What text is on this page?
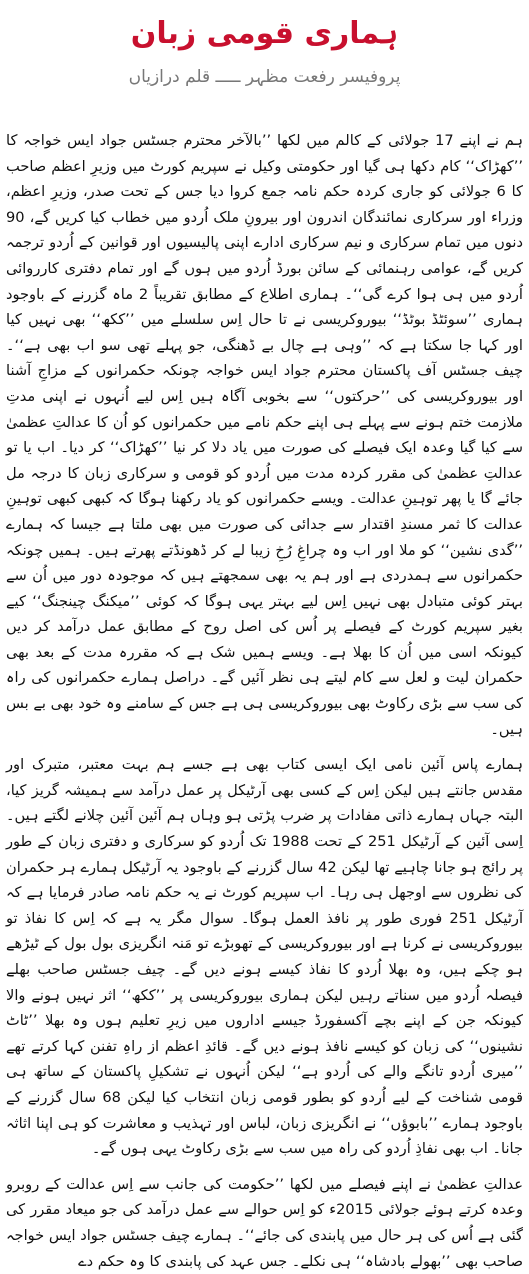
ہماری قومی زبان
پروفیسر رفعت مظہر ـــــ قلم درازیاں

ہم نے اپنے 17 جولائی کے کالم میں لکھا ’’بالآخر محترم جسٹس جواد ایس خواجہ کا ’’کھڑاک‘‘ کام دکھا ہی گیا اور حکومتی وکیل نے سپریم کورٹ میں وزیرِ اعظم صاحب کا 6 جولائی کو جاری کردہ حکم نامہ جمع کروا دیا جس کے تحت صدر، وزیرِ اعظم، وزراء اور سرکاری نمائندگان اندرون اور بیرونِ ملک اُردو میں خطاب کیا کریں گے، 90 دنوں میں تمام سرکاری و نیم سرکاری ادارے اپنی پالیسیوں اور قوانین کے اُردو ترجمہ کریں گے، عوامی رہنمائی کے سائن بورڈ اُردو میں ہوں گے اور تمام دفتری کارروائی اُردو میں ہی ہوا کرے گی‘‘۔ ہماری اطلاع کے مطابق تقریباً 2 ماہ گزرنے کے باوجود ہماری ’’سوئٹڈ بوٹڈ‘‘ بیوروکریسی نے تا حال اِس سلسلے میں ’’ککھ‘‘ بھی نہیں کیا اور کہا جا سکتا ہے کہ ’’وہی ہے چال بے ڈھنگی، جو پہلے تھی سو اب بھی ہے‘‘۔ چیف جسٹس آف پاکستان محترم جواد ایس خواجہ چونکہ حکمرانوں کے مزاجِ آشنا اور بیوروکریسی کی ’’حرکتوں‘‘ سے بخوبی آگاہ ہیں اِس لیے اُنہوں نے اپنی مدتِ ملازمت ختم ہونے سے پہلے ہی اپنے حکم نامے میں حکمرانوں کو اُن کا عدالتِ عظمیٰ سے کیا گیا وعدہ ایک فیصلے کی صورت میں یاد دلا کر نیا ’’کھڑاک‘‘ کر دیا۔ اب یا تو عدالتِ عظمیٰ کی مقرر کردہ مدت میں اُردو کو قومی و سرکاری زبان کا درجہ مل جائے گا یا پھر توہینِ عدالت۔ ویسے حکمرانوں کو یاد رکھنا ہوگا کہ کبھی کبھی توہینِ عدالت کا ثمر مسندِ اقتدار سے جدائی کی صورت میں بھی ملتا ہے جیسا کہ ہمارے ’’گدی نشین‘‘ کو ملا اور اب وہ چراغِ رُخِ زیبا لے کر ڈھونڈتے پھرتے ہیں۔ ہمیں چونکہ حکمرانوں سے ہمدردی ہے اور ہم یہ بھی سمجھتے ہیں کہ موجودہ دور میں اُن سے بہتر کوئی متبادل بھی نہیں اِس لیے بہتر یہی ہوگا کہ کوئی ’’میکنگ چینجنگ‘‘ کیے بغیر سپریم کورٹ کے فیصلے پر اُس کی اصل روح کے مطابق عمل درآمد کر دیں کیونکہ اسی میں اُن کا بھلا ہے۔ ویسے ہمیں شک ہے کہ مقررہ مدت کے بعد بھی حکمران لیت و لعل سے کام لیتے ہی نظر آئیں گے۔ دراصل ہمارے حکمرانوں کی راہ کی سب سے بڑی رکاوٹ بھی بیوروکریسی ہی ہے جس کے سامنے وہ خود بھی بے بس ہیں۔

ہمارے پاس آئین نامی ایک ایسی کتاب بھی ہے جسے ہم بہت معتبر، متبرک اور مقدس جانتے ہیں لیکن اِس کے کسی بھی آرٹیکل پر عمل درآمد سے ہمیشہ گریز کیا، البتہ جہاں ہمارے ذاتی مفادات پر ضرب پڑتی ہو وہاں ہم آئین آئین چلانے لگتے ہیں۔ اِسی آئین کے آرٹیکل 251 کے تحت 1988 تک اُردو کو سرکاری و دفتری زبان کے طور پر رائج ہو جانا چاہیے تھا لیکن 42 سال گزرنے کے باوجود یہ آرٹیکل ہمارے ہر حکمران کی نظروں سے اوجھل ہی رہا۔ اب سپریم کورٹ نے یہ حکم نامہ صادر فرمایا ہے کہ آرٹیکل 251 فوری طور پر نافذ العمل ہوگا۔ سوال مگر یہ ہے کہ اِس کا نفاذ تو بیوروکریسی نے کرنا ہے اور بیوروکریسی کے تھوبڑے تو مَنہ انگریزی بول بول کے ٹیڑھے ہو چکے ہیں، وہ بھلا اُردو کا نفاذ کیسے ہونے دیں گے۔ چیف جسٹس صاحب بھلے فیصلہ اُردو میں سناتے رہیں لیکن ہماری بیوروکریسی پر ’’ککھ‘‘ اثر نہیں ہونے والا کیونکہ جن کے اپنے بچے آکسفورڈ جیسے اداروں میں زیرِ تعلیم ہوں وہ بھلا ’’ٹاٹ نشینوں‘‘ کی زبان کو کیسے نافذ ہونے دیں گے۔ قائدِ اعظم از راہِ تفنن کہا کرتے تھے ’’میری اُردو تانگے والے کی اُردو ہے‘‘ لیکن اُنہوں نے تشکیلِ پاکستان کے ساتھ ہی قومی شناخت کے لیے اُردو کو بطور قومی زبان انتخاب کیا لیکن 68 سال گزرنے کے باوجود ہمارے ’’بابوؤں‘‘ نے انگریزی زبان، لباس اور تہذیب و معاشرت کو ہی اپنا اثاثہ جانا۔ اب بھی نفاذِ اُردو کی راہ میں سب سے بڑی رکاوٹ یہی ہوں گے۔

عدالتِ عظمیٰ نے اپنے فیصلے میں لکھا ’’حکومت کی جانب سے اِس عدالت کے روبرو وعدہ کرتے ہوئے جولائی 2015ء کو اِس حوالے سے عمل درآمد کی جو میعاد مقرر کی گئی ہے اُس کی ہر حال میں پابندی کی جائے‘‘۔ ہمارے چیف جسٹس جواد ایس خواجہ صاحب بھی ’’بھولے بادشاہ‘‘ ہی نکلے۔ جس عہد کی پابندی کا وہ حکم دے
